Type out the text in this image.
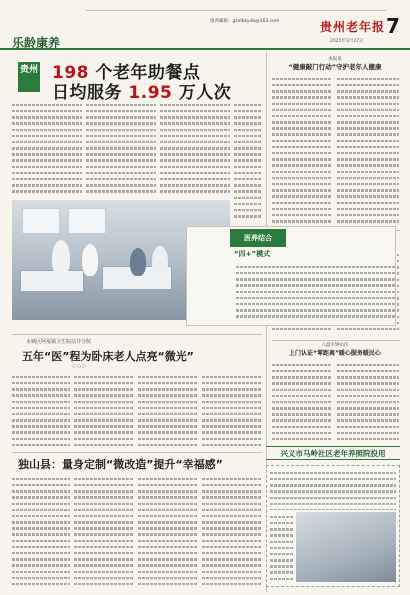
康养邮箱：gzxlbkyxb@163.com	贵州老年报 7
2025年3月27日
乐龄康养
贵州 198 个老年助餐点
日均服务 1.95 万人次
本报讯
“健康敲门行动”守护老年人健康
六盘水钟山区
上门认证“零距离”暖心服务暖民心
医养结合
“四+”模式
水城区阿戛镇卫生院站井分院
五年“医”程为卧床老人点亮“微光”
○ ○ ○
独山县：量身定制“微改造”提升“幸福感”
兴义市马岭社区老年养照院投用
